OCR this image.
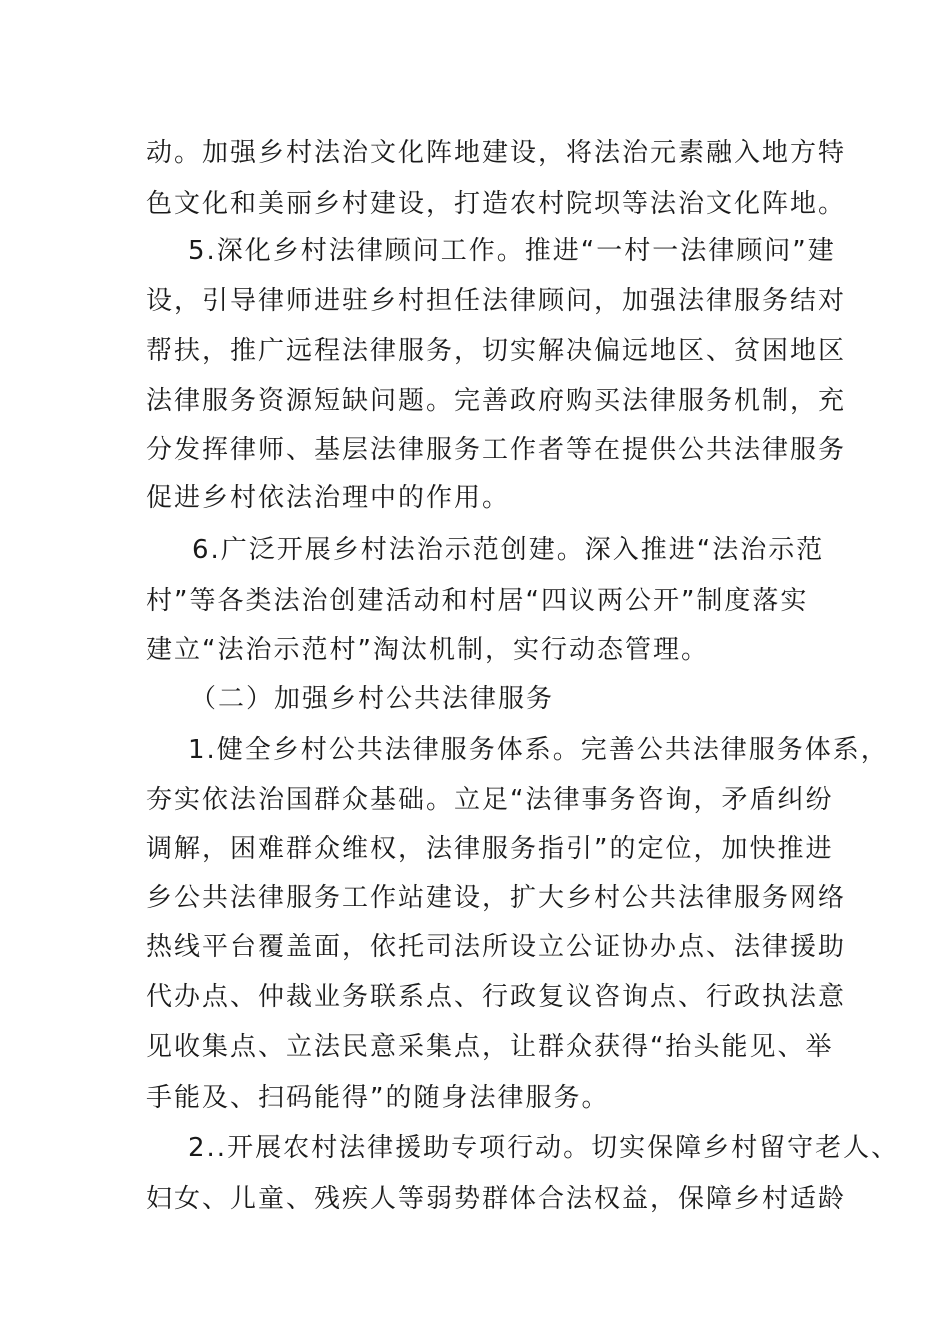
动。加强乡村法治文化阵地建设，将法治元素融入地方特
色文化和美丽乡村建设，打造农村院坝等法治文化阵地。
5.深化乡村法律顾问工作。推进“一村一法律顾问”建
设，引导律师进驻乡村担任法律顾问，加强法律服务结对
帮扶，推广远程法律服务，切实解决偏远地区、贫困地区
法律服务资源短缺问题。完善政府购买法律服务机制，充
分发挥律师、基层法律服务工作者等在提供公共法律服务
促进乡村依法治理中的作用。
6.广泛开展乡村法治示范创建。深入推进“法治示范
村”等各类法治创建活动和村居“四议两公开”制度落实
建立“法治示范村”淘汰机制，实行动态管理。
（二）加强乡村公共法律服务
1.健全乡村公共法律服务体系。完善公共法律服务体系，
夯实依法治国群众基础。立足“法律事务咨询，矛盾纠纷
调解，困难群众维权，法律服务指引”的定位，加快推进
乡公共法律服务工作站建设，扩大乡村公共法律服务网络
热线平台覆盖面，依托司法所设立公证协办点、法律援助
代办点、仲裁业务联系点、行政复议咨询点、行政执法意
见收集点、立法民意采集点，让群众获得“抬头能见、举
手能及、扫码能得”的随身法律服务。
2..开展农村法律援助专项行动。切实保障乡村留守老人、
妇女、儿童、残疾人等弱势群体合法权益，保障乡村适龄
